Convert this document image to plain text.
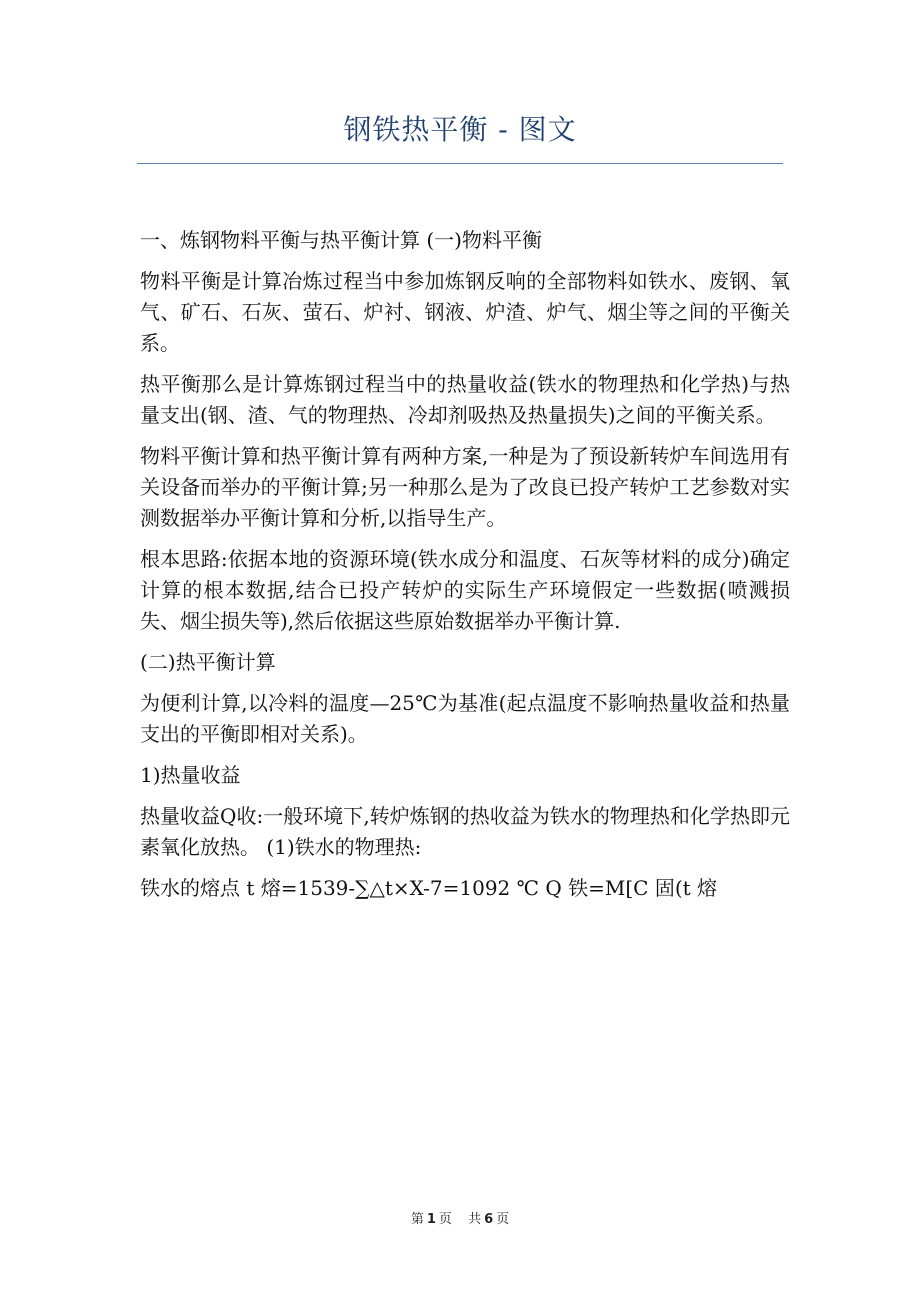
钢铁热平衡 - 图文

一、炼钢物料平衡与热平衡计算 (一)物料平衡

物料平衡是计算冶炼过程当中参加炼钢反响的全部物料如铁水、废钢、氧气、矿石、石灰、萤石、炉衬、钢液、炉渣、炉气、烟尘等之间的平衡关系。

热平衡那么是计算炼钢过程当中的热量收益(铁水的物理热和化学热)与热量支出(钢、渣、气的物理热、冷却剂吸热及热量损失)之间的平衡关系。

物料平衡计算和热平衡计算有两种方案,一种是为了预设新转炉车间选用有关设备而举办的平衡计算;另一种那么是为了改良已投产转炉工艺参数对实测数据举办平衡计算和分析,以指导生产。

根本思路:依据本地的资源环境(铁水成分和温度、石灰等材料的成分)确定计算的根本数据,结合已投产转炉的实际生产环境假定一些数据(喷溅损失、烟尘损失等),然后依据这些原始数据举办平衡计算.

(二)热平衡计算

为便利计算,以冷料的温度—25℃为基准(起点温度不影响热量收益和热量支出的平衡即相对关系)。

1)热量收益

热量收益Q收:一般环境下,转炉炼钢的热收益为铁水的物理热和化学热即元素氧化放热。 (1)铁水的物理热:

铁水的熔点 t 熔=1539-∑△t×X-7=1092 ℃ Q 铁=M[C 固(t 熔

第 1 页 共 6 页
